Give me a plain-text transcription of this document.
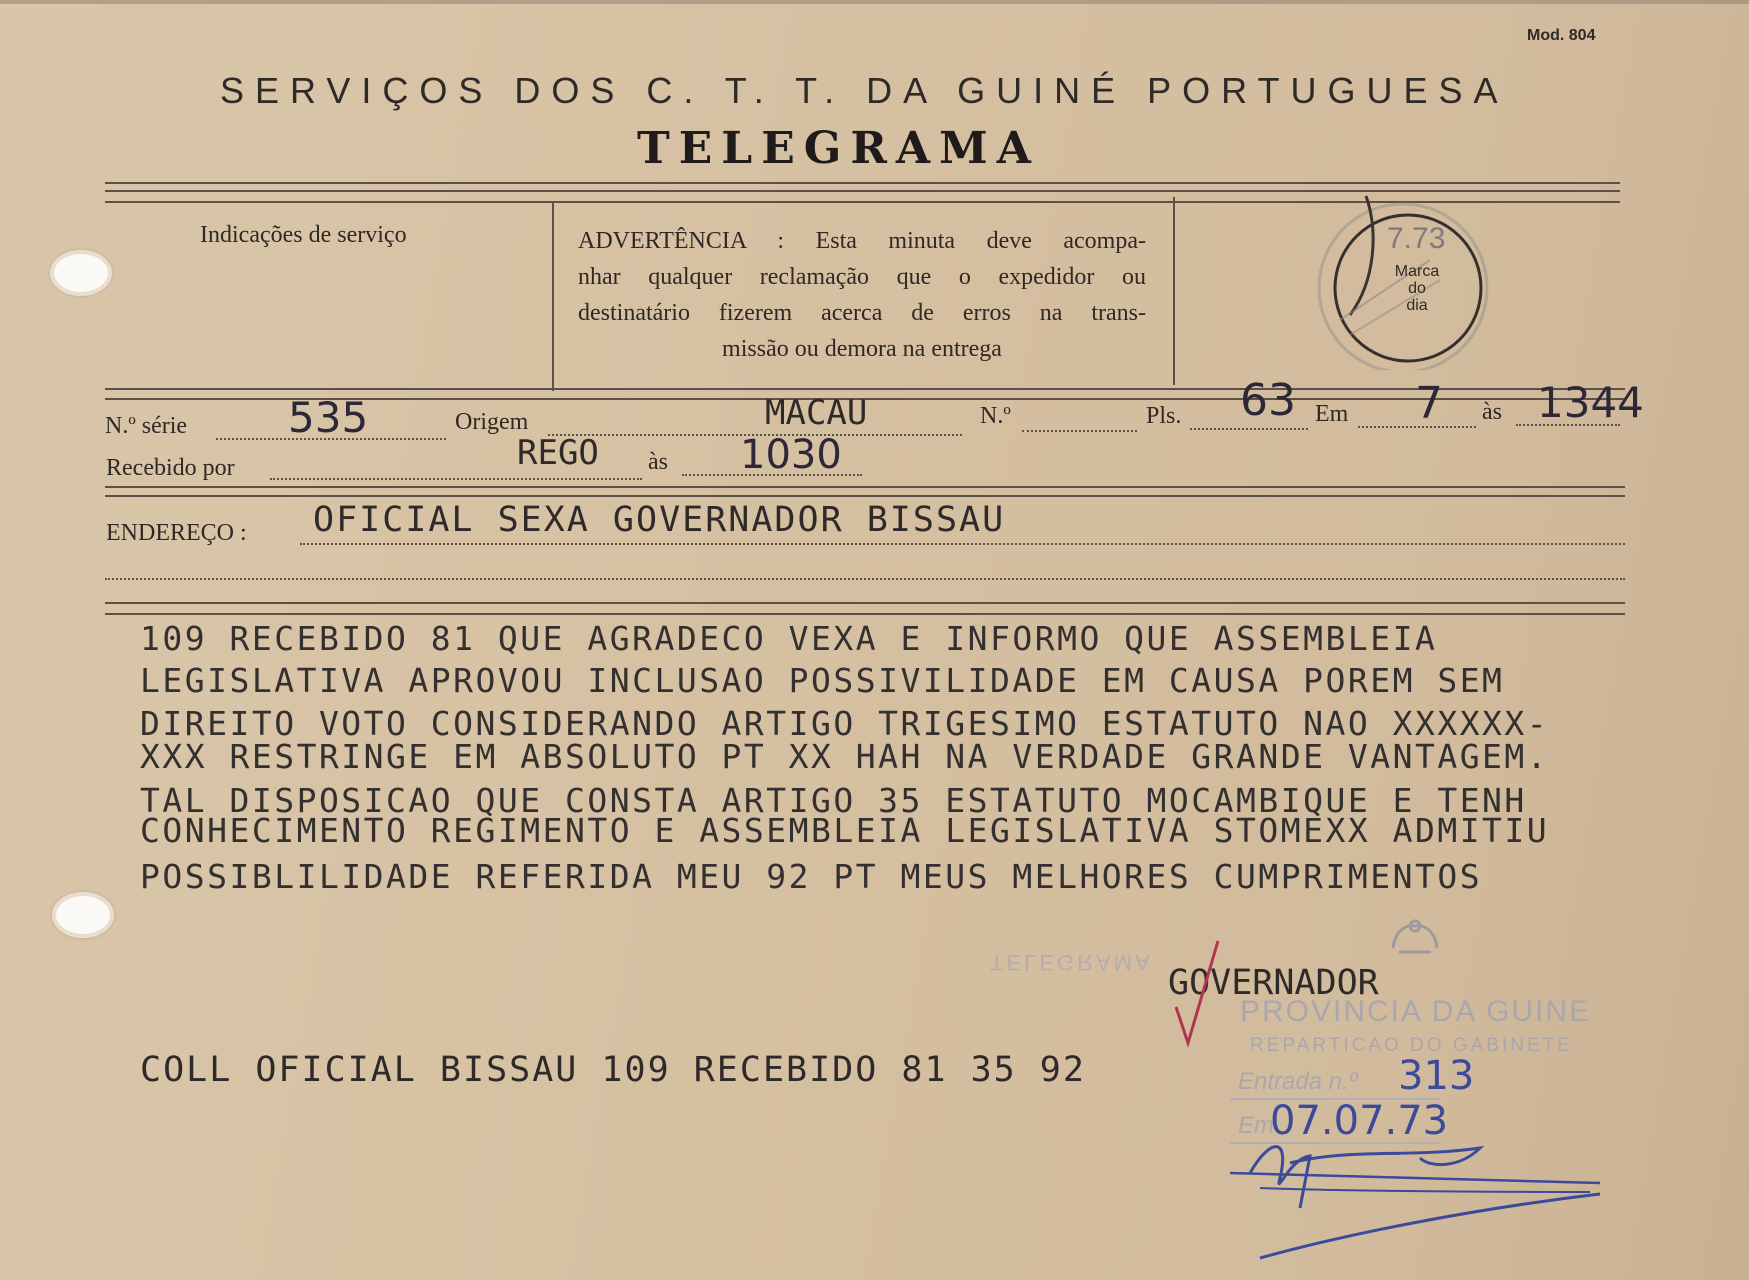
Mod. 804
SERVIÇOS DOS C. T. T. DA GUINÉ PORTUGUESA
TELEGRAMA
Indicações de serviço	ADVERTÊNCIA : Esta minuta deve acompa-
nhar qualquer reclamação que o expedidor ou
destinatário fizerem acerca de erros na trans-
missão ou demora na entrega
7.73
Marca
do
dia
N.º série 535	Origem	MACAU	N.º	Pls. 63 Em 7 às 1344
Recebido por	REGO às 1030
ENDEREÇO : OFICIAL SEXA GOVERNADOR BISSAU
109 RECEBIDO 81 QUE AGRADECO VEXA E INFORMO QUE ASSEMBLEIA
LEGISLATIVA APROVOU INCLUSAO POSSIVILIDADE EM CAUSA POREM SEM
DIREITO VOTO CONSIDERANDO ARTIGO TRIGESIMO ESTATUTO NAO XXXXXX-
XXX RESTRINGE EM ABSOLUTO PT XX HAH NA VERDADE GRANDE VANTAGEM.
TAL DISPOSICAO QUE CONSTA ARTIGO 35 ESTATUTO MOCAMBIQUE E TENH
CONHECIMENTO REGIMENTO E ASSEMBLEIA LEGISLATIVA STOMEXX ADMITIU
POSSIBLILIDADE REFERIDA MEU 92 PT MEUS MELHORES CUMPRIMENTOS
TELEGRAMA
PROVINCIA DA GUINE
REPARTICAO DO GABINETE
Entrada n.º 313
Em
07.07.73
GOVERNADOR
COLL OFICIAL BISSAU 109 RECEBIDO 81 35 92
